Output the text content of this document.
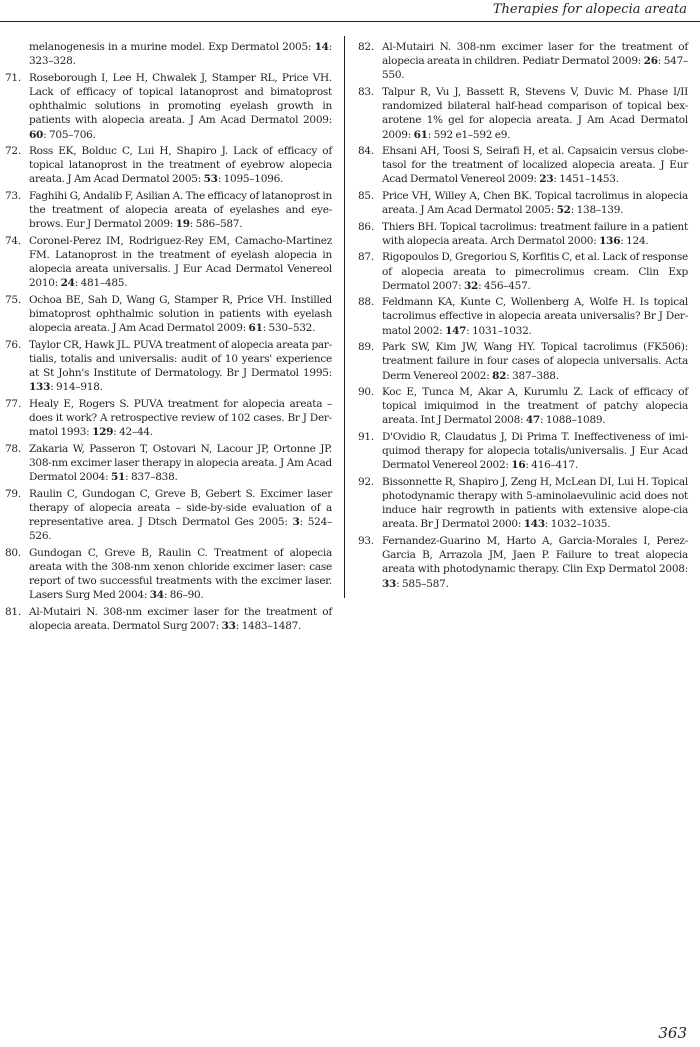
Therapies for alopecia areata
melanogenesis in a murine model. Exp Dermatol 2005: 14: 323–328.
71. Roseborough I, Lee H, Chwalek J, Stamper RL, Price VH. Lack of efficacy of topical latanoprost and bimatoprost ophthalmic solutions in promoting eyelash growth in patients with alopecia areata. J Am Acad Dermatol 2009: 60: 705–706.
72. Ross EK, Bolduc C, Lui H, Shapiro J. Lack of efficacy of topical latanoprost in the treatment of eyebrow alopecia areata. J Am Acad Dermatol 2005: 53: 1095–1096.
73. Faghihi G, Andalib F, Asilian A. The efficacy of latanoprost in the treatment of alopecia areata of eyelashes and eye-brows. Eur J Dermatol 2009: 19: 586–587.
74. Coronel-Perez IM, Rodriguez-Rey EM, Camacho-Martinez FM. Latanoprost in the treatment of eyelash alopecia in alopecia areata universalis. J Eur Acad Dermatol Venereol 2010: 24: 481–485.
75. Ochoa BE, Sah D, Wang G, Stamper R, Price VH. Instilled bimatoprost ophthalmic solution in patients with eyelash alopecia areata. J Am Acad Dermatol 2009: 61: 530–532.
76. Taylor CR, Hawk JL. PUVA treatment of alopecia areata par-tialis, totalis and universalis: audit of 10 years' experience at St John's Institute of Dermatology. Br J Dermatol 1995: 133: 914–918.
77. Healy E, Rogers S. PUVA treatment for alopecia areata – does it work? A retrospective review of 102 cases. Br J Der-matol 1993: 129: 42–44.
78. Zakaria W, Passeron T, Ostovari N, Lacour JP, Ortonne JP. 308-nm excimer laser therapy in alopecia areata. J Am Acad Dermatol 2004: 51: 837–838.
79. Raulin C, Gundogan C, Greve B, Gebert S. Excimer laser therapy of alopecia areata – side-by-side evaluation of a representative area. J Dtsch Dermatol Ges 2005: 3: 524–526.
80. Gundogan C, Greve B, Raulin C. Treatment of alopecia areata with the 308-nm xenon chloride excimer laser: case report of two successful treatments with the excimer laser. Lasers Surg Med 2004: 34: 86–90.
81. Al-Mutairi N. 308-nm excimer laser for the treatment of alopecia areata. Dermatol Surg 2007: 33: 1483–1487.
82. Al-Mutairi N. 308-nm excimer laser for the treatment of alopecia areata in children. Pediatr Dermatol 2009: 26: 547–550.
83. Talpur R, Vu J, Bassett R, Stevens V, Duvic M. Phase I/II randomized bilateral half-head comparison of topical bex-arotene 1% gel for alopecia areata. J Am Acad Dermatol 2009: 61: 592 e1–592 e9.
84. Ehsani AH, Toosi S, Seirafi H, et al. Capsaicin versus clobe-tasol for the treatment of localized alopecia areata. J Eur Acad Dermatol Venereol 2009: 23: 1451–1453.
85. Price VH, Willey A, Chen BK. Topical tacrolimus in alopecia areata. J Am Acad Dermatol 2005: 52: 138–139.
86. Thiers BH. Topical tacrolimus: treatment failure in a patient with alopecia areata. Arch Dermatol 2000: 136: 124.
87. Rigopoulos D, Gregoriou S, Korfitis C, et al. Lack of response of alopecia areata to pimecrolimus cream. Clin Exp Dermatol 2007: 32: 456–457.
88. Feldmann KA, Kunte C, Wollenberg A, Wolfe H. Is topical tacrolimus effective in alopecia areata universalis? Br J Der-matol 2002: 147: 1031–1032.
89. Park SW, Kim JW, Wang HY. Topical tacrolimus (FK506): treatment failure in four cases of alopecia universalis. Acta Derm Venereol 2002: 82: 387–388.
90. Koc E, Tunca M, Akar A, Kurumlu Z. Lack of efficacy of topical imiquimod in the treatment of patchy alopecia areata. Int J Dermatol 2008: 47: 1088–1089.
91. D'Ovidio R, Claudatus J, Di Prima T. Ineffectiveness of imi-quimod therapy for alopecia totalis/universalis. J Eur Acad Dermatol Venereol 2002: 16: 416–417.
92. Bissonnette R, Shapiro J, Zeng H, McLean DI, Lui H. Topical photodynamic therapy with 5-aminolaevulinic acid does not induce hair regrowth in patients with extensive alope-cia areata. Br J Dermatol 2000: 143: 1032–1035.
93. Fernandez-Guarino M, Harto A, Garcia-Morales I, Perez-Garcia B, Arrazola JM, Jaen P. Failure to treat alopecia areata with photodynamic therapy. Clin Exp Dermatol 2008: 33: 585–587.
363
